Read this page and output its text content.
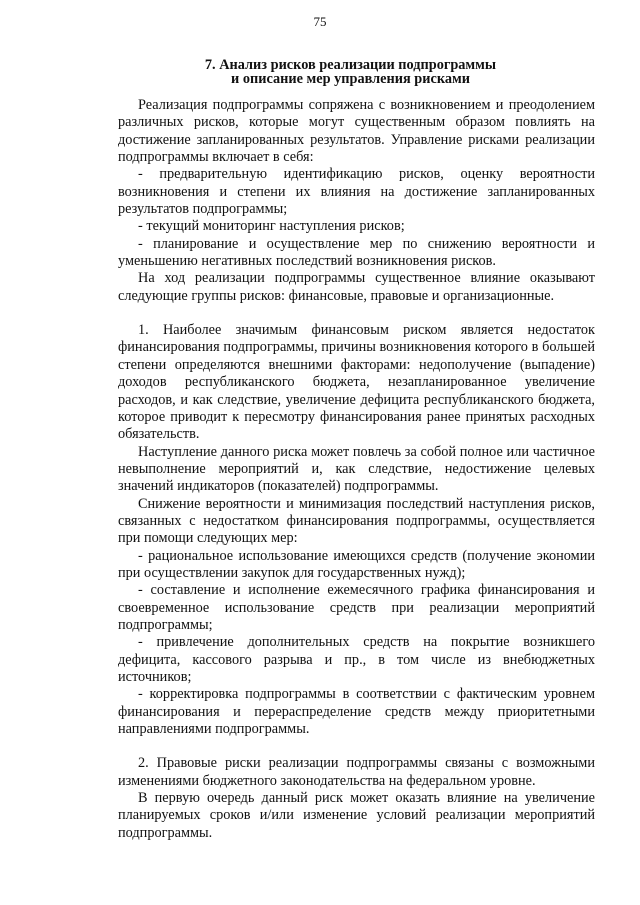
75
7. Анализ рисков реализации подпрограммы
и описание мер управления рисками

Реализация подпрограммы сопряжена с возникновением и преодолением различных рисков, которые могут существенным образом повлиять на достижение запланированных результатов. Управление рисками реализации подпрограммы включает в себя:

- предварительную идентификацию рисков, оценку вероятности возникновения и степени их влияния на достижение запланированных результатов подпрограммы;

- текущий мониторинг наступления рисков;

- планирование и осуществление мер по снижению вероятности и уменьшению негативных последствий возникновения рисков.

На ход реализации подпрограммы существенное влияние оказывают следующие группы рисков: финансовые, правовые и организационные.

1. Наиболее значимым финансовым риском является недостаток финансирования подпрограммы, причины возникновения которого в большей степени определяются внешними факторами: недополучение (выпадение) доходов республиканского бюджета, незапланированное увеличение расходов, и как следствие, увеличение дефицита республиканского бюджета, которое приводит к пересмотру финансирования ранее принятых расходных обязательств.

Наступление данного риска может повлечь за собой полное или частичное невыполнение мероприятий и, как следствие, недостижение целевых значений индикаторов (показателей) подпрограммы.

Снижение вероятности и минимизация последствий наступления рисков, связанных с недостатком финансирования подпрограммы, осуществляется при помощи следующих мер:

- рациональное использование имеющихся средств (получение экономии при осуществлении закупок для государственных нужд);

- составление и исполнение ежемесячного графика финансирования и своевременное использование средств при реализации мероприятий подпрограммы;

- привлечение дополнительных средств на покрытие возникшего дефицита, кассового разрыва и пр., в том числе из внебюджетных источников;

- корректировка подпрограммы в соответствии с фактическим уровнем финансирования и перераспределение средств между приоритетными направлениями подпрограммы.

2. Правовые риски реализации подпрограммы связаны с возможными изменениями бюджетного законодательства на федеральном уровне.

В первую очередь данный риск может оказать влияние на увеличение планируемых сроков и/или изменение условий реализации мероприятий подпрограммы.
